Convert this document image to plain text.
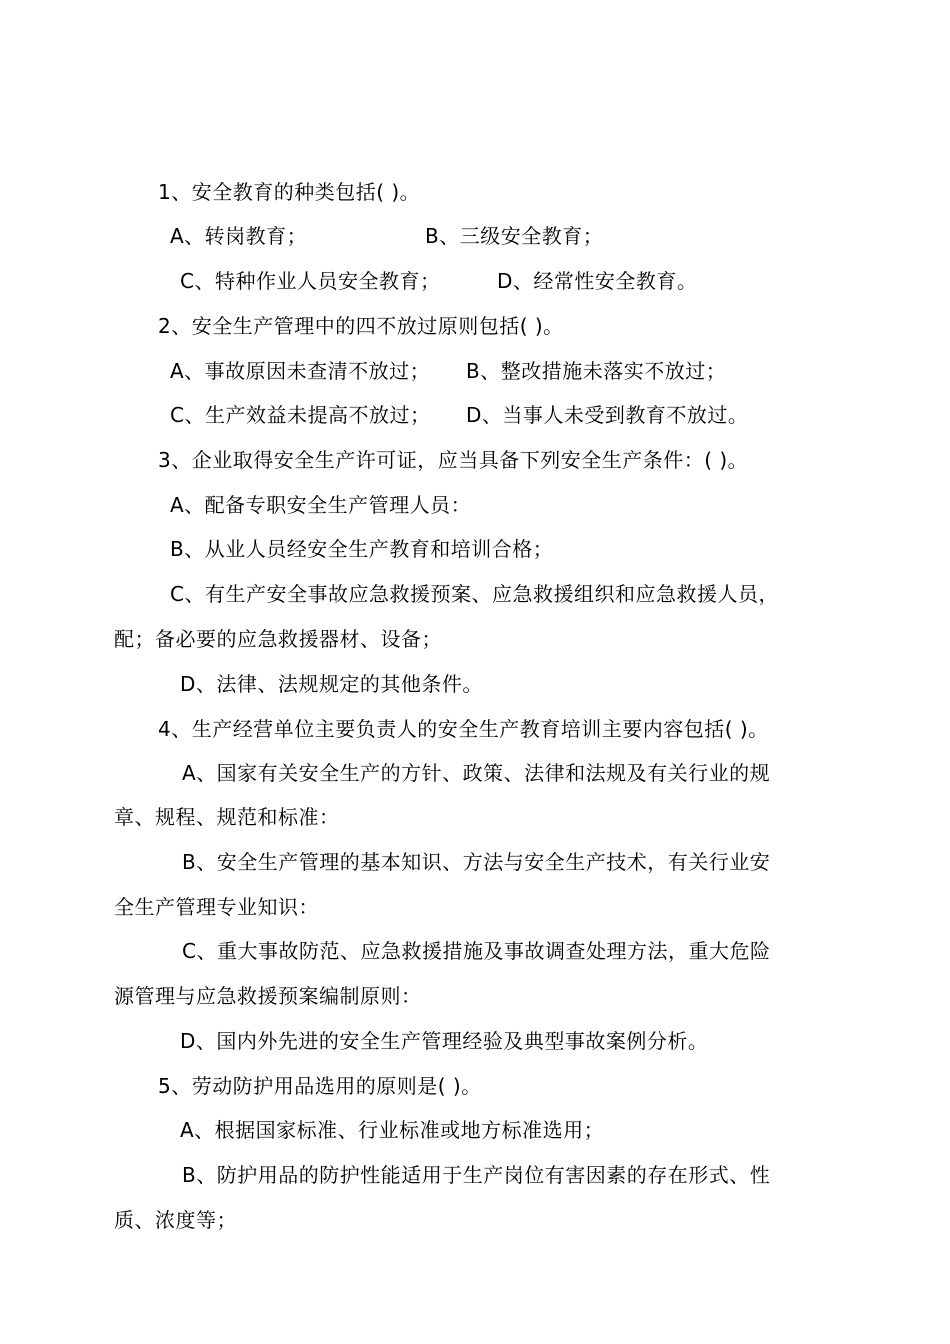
1、安全教育的种类包括( )。
A、转岗教育；	B、三级安全教育；
C、特种作业人员安全教育；	D、经常性安全教育。
2、安全生产管理中的四不放过原则包括( )。
A、事故原因未查清不放过； B、整改措施未落实不放过；
C、生产效益未提高不放过； D、当事人未受到教育不放过。
3、企业取得安全生产许可证，应当具备下列安全生产条件：( )。
A、配备专职安全生产管理人员：
B、从业人员经安全生产教育和培训合格；
C、有生产安全事故应急救援预案、应急救援组织和应急救援人员，
配；备必要的应急救援器材、设备；
D、法律、法规规定的其他条件。
4、生产经营单位主要负责人的安全生产教育培训主要内容包括( )。
A、国家有关安全生产的方针、政策、法律和法规及有关行业的规
章、规程、规范和标准：
B、安全生产管理的基本知识、方法与安全生产技术，有关行业安
全生产管理专业知识：
C、重大事故防范、应急救援措施及事故调查处理方法，重大危险
源管理与应急救援预案编制原则：
D、国内外先进的安全生产管理经验及典型事故案例分析。
5、劳动防护用品选用的原则是( )。
A、根据国家标准、行业标准或地方标准选用；
B、防护用品的防护性能适用于生产岗位有害因素的存在形式、性
质、浓度等；
